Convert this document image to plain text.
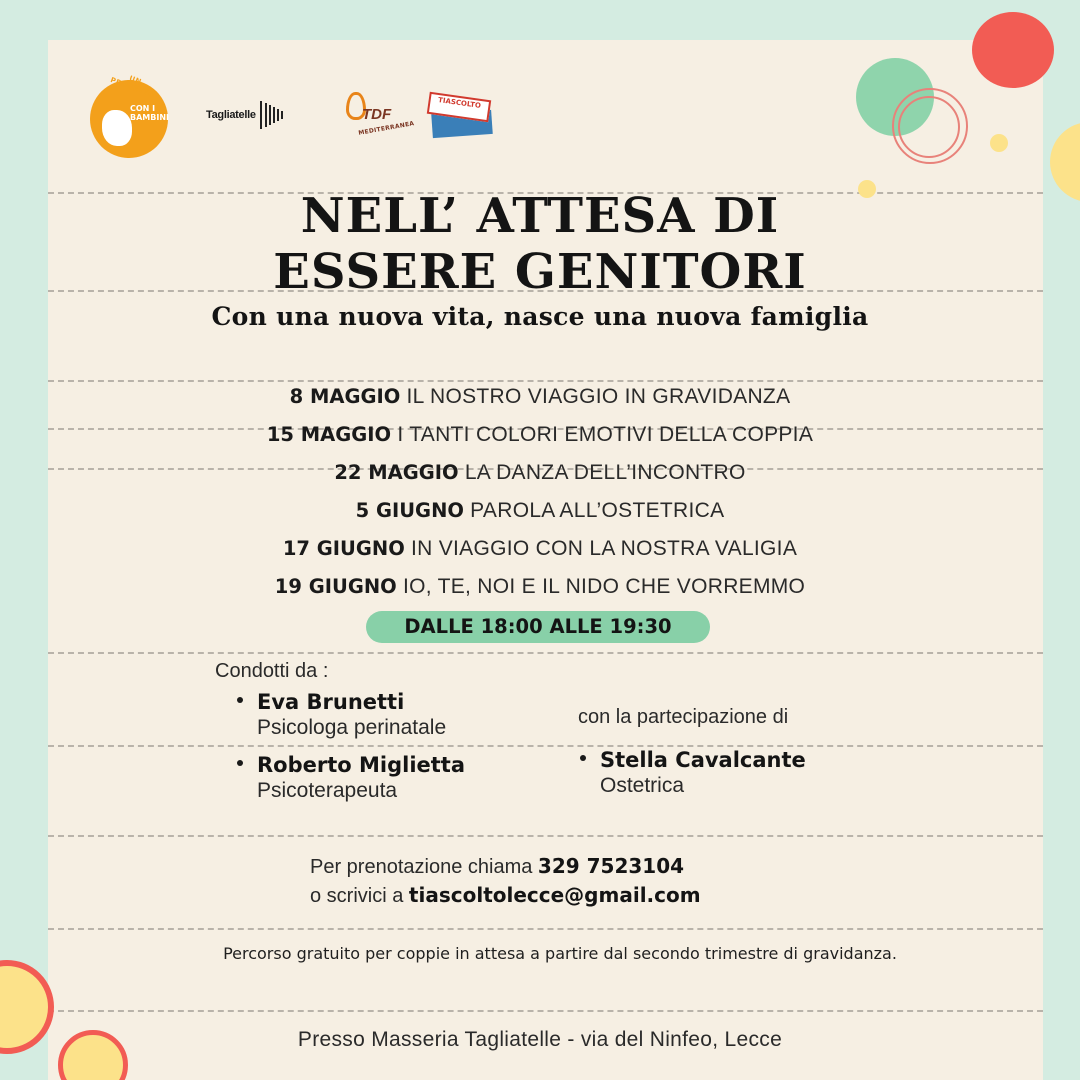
UN PROGETTO
CON I BAMBINI	Tagliatelle	TDF
MEDITERRANEA
TIASCOLTO
NELL’ ATTESA DI
ESSERE GENITORI
Con una nuova vita, nasce una nuova famiglia
8 MAGGIO IL NOSTRO VIAGGIO IN GRAVIDANZA
15 MAGGIO I TANTI COLORI EMOTIVI DELLA COPPIA
22 MAGGIO LA DANZA DELL’INCONTRO
5 GIUGNO PAROLA ALL’OSTETRICA
17 GIUGNO IN VIAGGIO CON LA NOSTRA VALIGIA
19 GIUGNO IO, TE, NOI E IL NIDO CHE VORREMMO
DALLE 18:00 ALLE 19:30
Condotti da :
Eva Brunetti
Psicologa perinatale
Roberto Miglietta
Psicoterapeuta
con la partecipazione di
Stella Cavalcante
Ostetrica
Per prenotazione chiama 329 7523104
o scrivici a tiascoltolecce@gmail.com
Percorso gratuito per coppie in attesa a partire dal secondo trimestre di gravidanza.
Presso Masseria Tagliatelle - via del Ninfeo, Lecce
